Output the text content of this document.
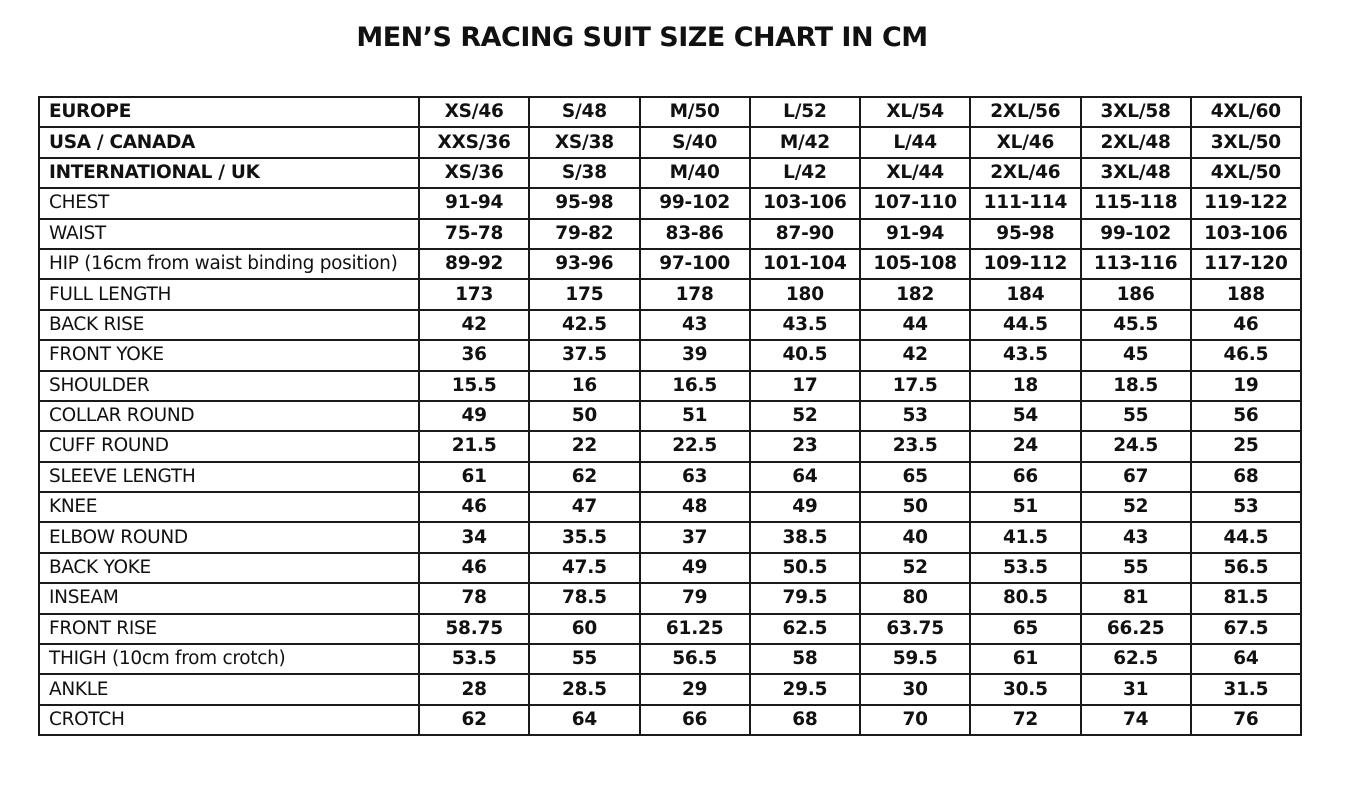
MEN’S RACING SUIT SIZE CHART IN CM
EUROPE	XS/46	S/48	M/50	L/52	XL/54	2XL/56	3XL/58	4XL/60
USA / CANADA	XXS/36	XS/38	S/40	M/42	L/44	XL/46	2XL/48	3XL/50
INTERNATIONAL / UK	XS/36	S/38	M/40	L/42	XL/44	2XL/46	3XL/48	4XL/50
CHEST	91-94	95-98	99-102	103-106	107-110	111-114	115-118	119-122
WAIST	75-78	79-82	83-86	87-90	91-94	95-98	99-102	103-106
HIP (16cm from waist binding position)	89-92	93-96	97-100	101-104	105-108	109-112	113-116	117-120
FULL LENGTH	173	175	178	180	182	184	186	188
BACK RISE	42	42.5	43	43.5	44	44.5	45.5	46
FRONT YOKE	36	37.5	39	40.5	42	43.5	45	46.5
SHOULDER	15.5	16	16.5	17	17.5	18	18.5	19
COLLAR ROUND	49	50	51	52	53	54	55	56
CUFF ROUND	21.5	22	22.5	23	23.5	24	24.5	25
SLEEVE LENGTH	61	62	63	64	65	66	67	68
KNEE	46	47	48	49	50	51	52	53
ELBOW ROUND	34	35.5	37	38.5	40	41.5	43	44.5
BACK YOKE	46	47.5	49	50.5	52	53.5	55	56.5
INSEAM	78	78.5	79	79.5	80	80.5	81	81.5
FRONT RISE	58.75	60	61.25	62.5	63.75	65	66.25	67.5
THIGH (10cm from crotch)	53.5	55	56.5	58	59.5	61	62.5	64
ANKLE	28	28.5	29	29.5	30	30.5	31	31.5
CROTCH	62	64	66	68	70	72	74	76
